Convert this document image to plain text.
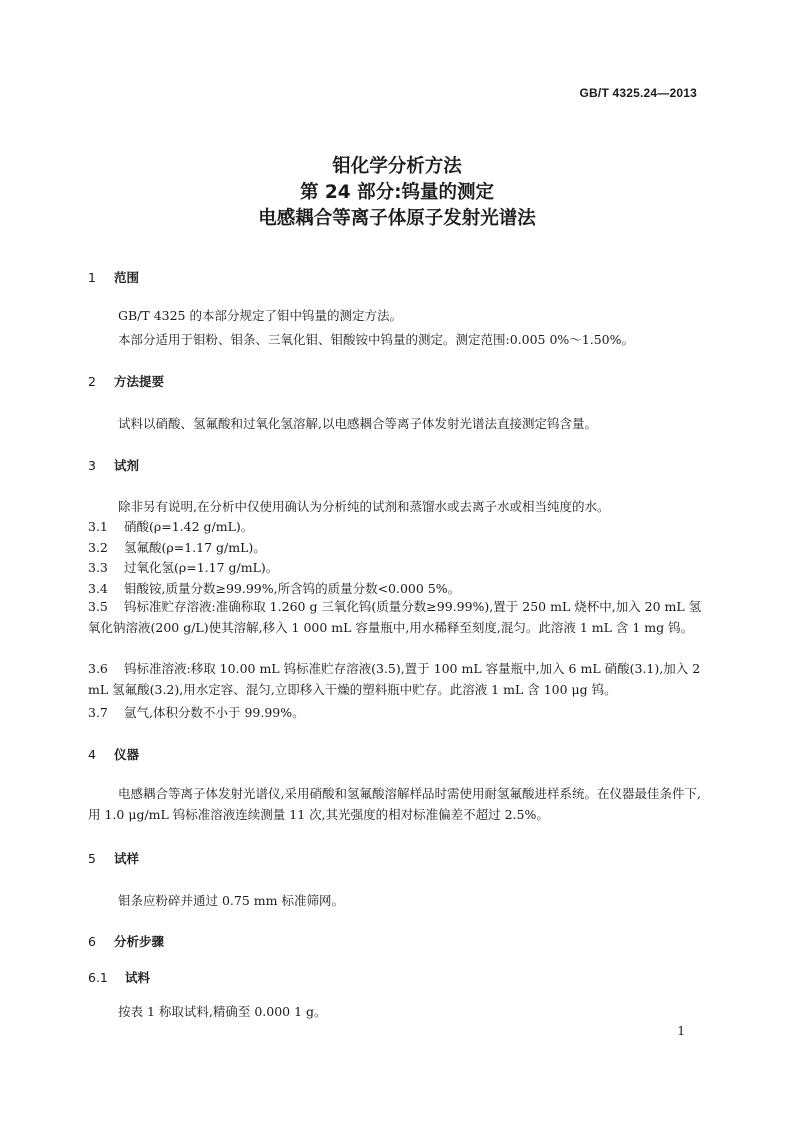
GB/T 4325.24—2013
钼化学分析方法
第 24 部分:钨量的测定
电感耦合等离子体原子发射光谱法
1 范围
GB/T 4325 的本部分规定了钼中钨量的测定方法。
本部分适用于钼粉、钼条、三氧化钼、钼酸铵中钨量的测定。测定范围:0.005 0%～1.50%。
2 方法提要
试料以硝酸、氢氟酸和过氧化氢溶解,以电感耦合等离子体发射光谱法直接测定钨含量。
3 试剂
除非另有说明,在分析中仅使用确认为分析纯的试剂和蒸馏水或去离子水或相当纯度的水。
3.1 硝酸(ρ=1.42 g/mL)。
3.2 氢氟酸(ρ=1.17 g/mL)。
3.3 过氧化氢(ρ=1.17 g/mL)。
3.4 钼酸铵,质量分数≥99.99%,所含钨的质量分数<0.000 5%。
3.5 钨标准贮存溶液:准确称取 1.260 g 三氧化钨(质量分数≥99.99%),置于 250 mL 烧杯中,加入 20 mL 氢氧化钠溶液(200 g/L)使其溶解,移入 1 000 mL 容量瓶中,用水稀释至刻度,混匀。此溶液 1 mL 含 1 mg 钨。
3.6 钨标准溶液:移取 10.00 mL 钨标准贮存溶液(3.5),置于 100 mL 容量瓶中,加入 6 mL 硝酸(3.1),加入 2 mL 氢氟酸(3.2),用水定容、混匀,立即移入干燥的塑料瓶中贮存。此溶液 1 mL 含 100 μg 钨。
3.7 氩气,体积分数不小于 99.99%。
4 仪器
电感耦合等离子体发射光谱仪,采用硝酸和氢氟酸溶解样品时需使用耐氢氟酸进样系统。在仪器最佳条件下,用 1.0 μg/mL 钨标准溶液连续测量 11 次,其光强度的相对标准偏差不超过 2.5%。
5 试样
钼条应粉碎并通过 0.75 mm 标准筛网。
6 分析步骤
6.1 试料
按表 1 称取试料,精确至 0.000 1 g。
1
